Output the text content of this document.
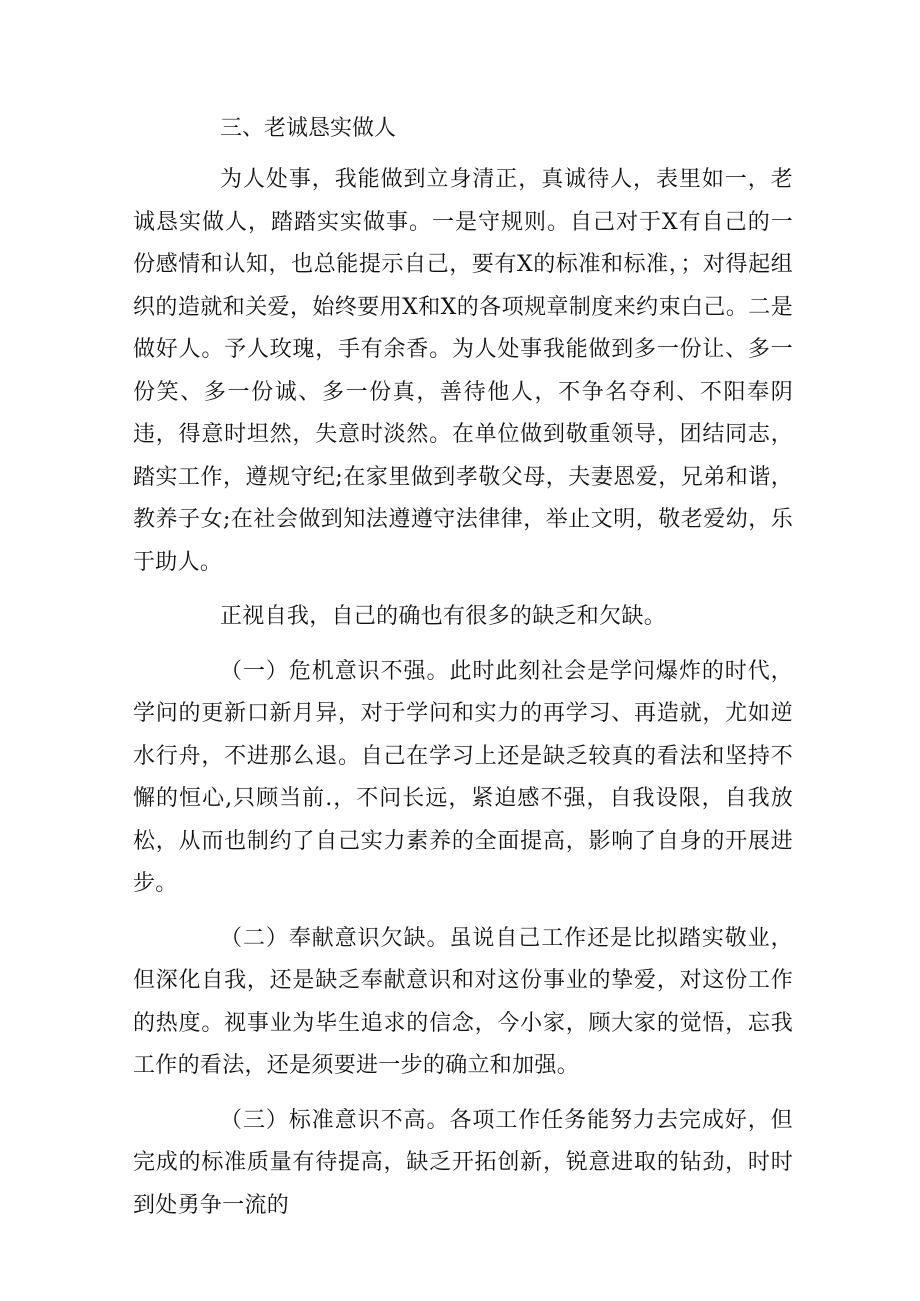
三、老诚恳实做人

为人处事，我能做到立身清正，真诚待人，表里如一，老诚恳实做人，踏踏实实做事。一是守规则。自己对于X有自己的一份感情和认知，也总能提示自己，要有X的标准和标准，；对得起组织的造就和关爱，始终要用X和X的各项规章制度来约束白己。二是做好人。予人玫瑰，手有余香。为人处事我能做到多一份让、多一份笑、多一份诚、多一份真，善待他人，不争名夺利、不阳奉阴违，得意时坦然，失意时淡然。在单位做到敬重领导，团结同志，踏实工作，遵规守纪;在家里做到孝敬父母，夫妻恩爱，兄弟和谐，教养子女;在社会做到知法遵遵守法律律，举止文明，敬老爱幼，乐于助人。

正视自我，自己的确也有很多的缺乏和欠缺。

（一）危机意识不强。此时此刻社会是学问爆炸的时代，学问的更新口新月异，对于学问和实力的再学习、再造就，尤如逆水行舟，不进那么退。自己在学习上还是缺乏较真的看法和坚持不懈的恒心,只顾当前.，不问长远，紧迫感不强，自我设限，自我放松，从而也制约了自己实力素养的全面提高，影响了自身的开展进步。

（二）奉献意识欠缺。虽说自己工作还是比拟踏实敬业，但深化自我，还是缺乏奉献意识和对这份事业的挚爱，对这份工作的热度。视事业为毕生追求的信念，今小家，顾大家的觉悟，忘我工作的看法，还是须要进一步的确立和加强。

（三）标准意识不高。各项工作任务能努力去完成好，但完成的标准质量有待提高，缺乏开拓创新，锐意进取的钻劲，时时到处勇争一流的
